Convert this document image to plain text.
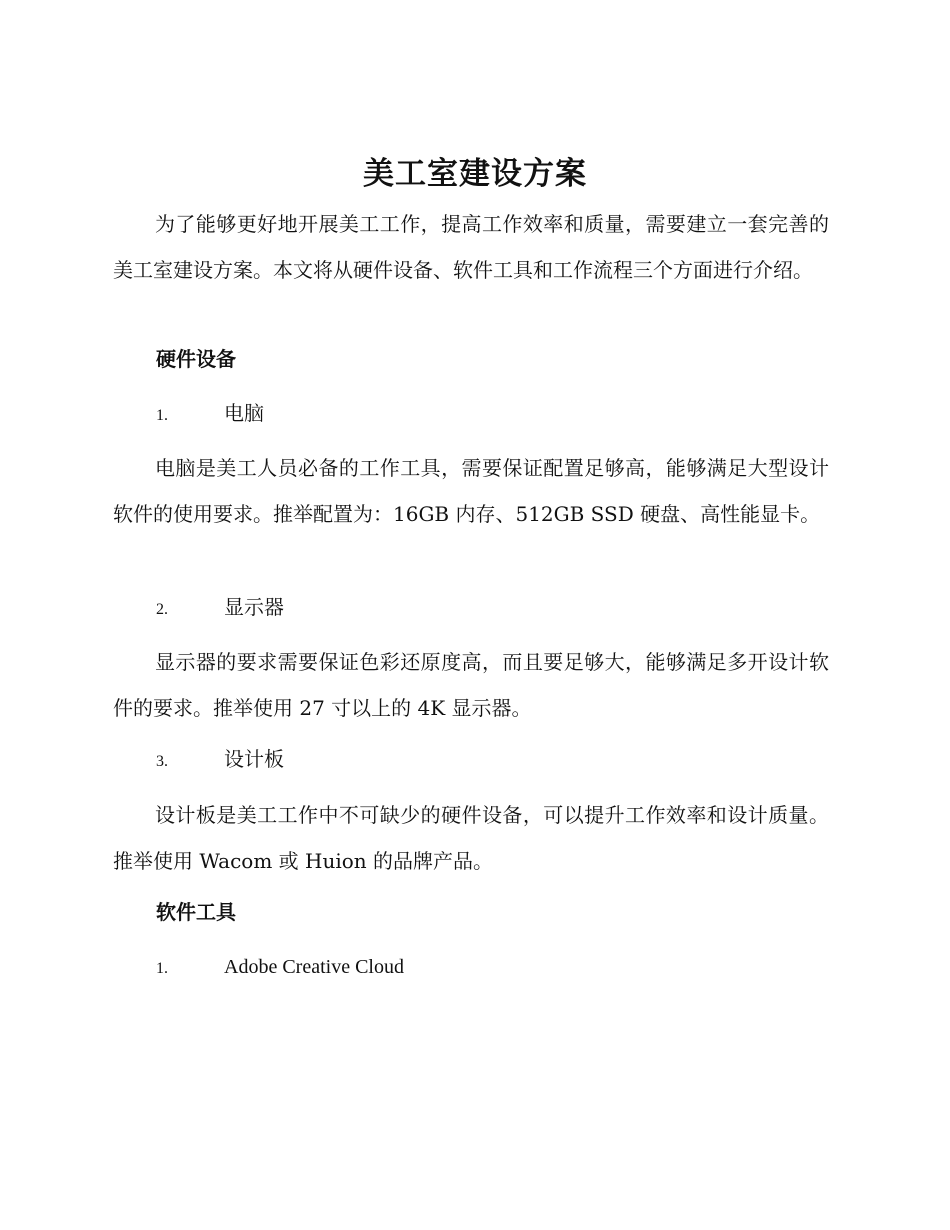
美工室建设方案

为了能够更好地开展美工工作，提高工作效率和质量，需要建立一套完善的美工室建设方案。本文将从硬件设备、软件工具和工作流程三个方面进行介绍。

硬件设备
1.	电脑

电脑是美工人员必备的工作工具，需要保证配置足够高，能够满足大型设计软件的使用要求。推举配置为：16GB 内存、512GB SSD 硬盘、高性能显卡。

2.	显示器

显示器的要求需要保证色彩还原度高，而且要足够大，能够满足多开设计软件的要求。推举使用 27 寸以上的 4K 显示器。

3.	设计板

设计板是美工工作中不可缺少的硬件设备，可以提升工作效率和设计质量。推举使用 Wacom 或 Huion 的品牌产品。

软件工具
1.	Adobe Creative Cloud
